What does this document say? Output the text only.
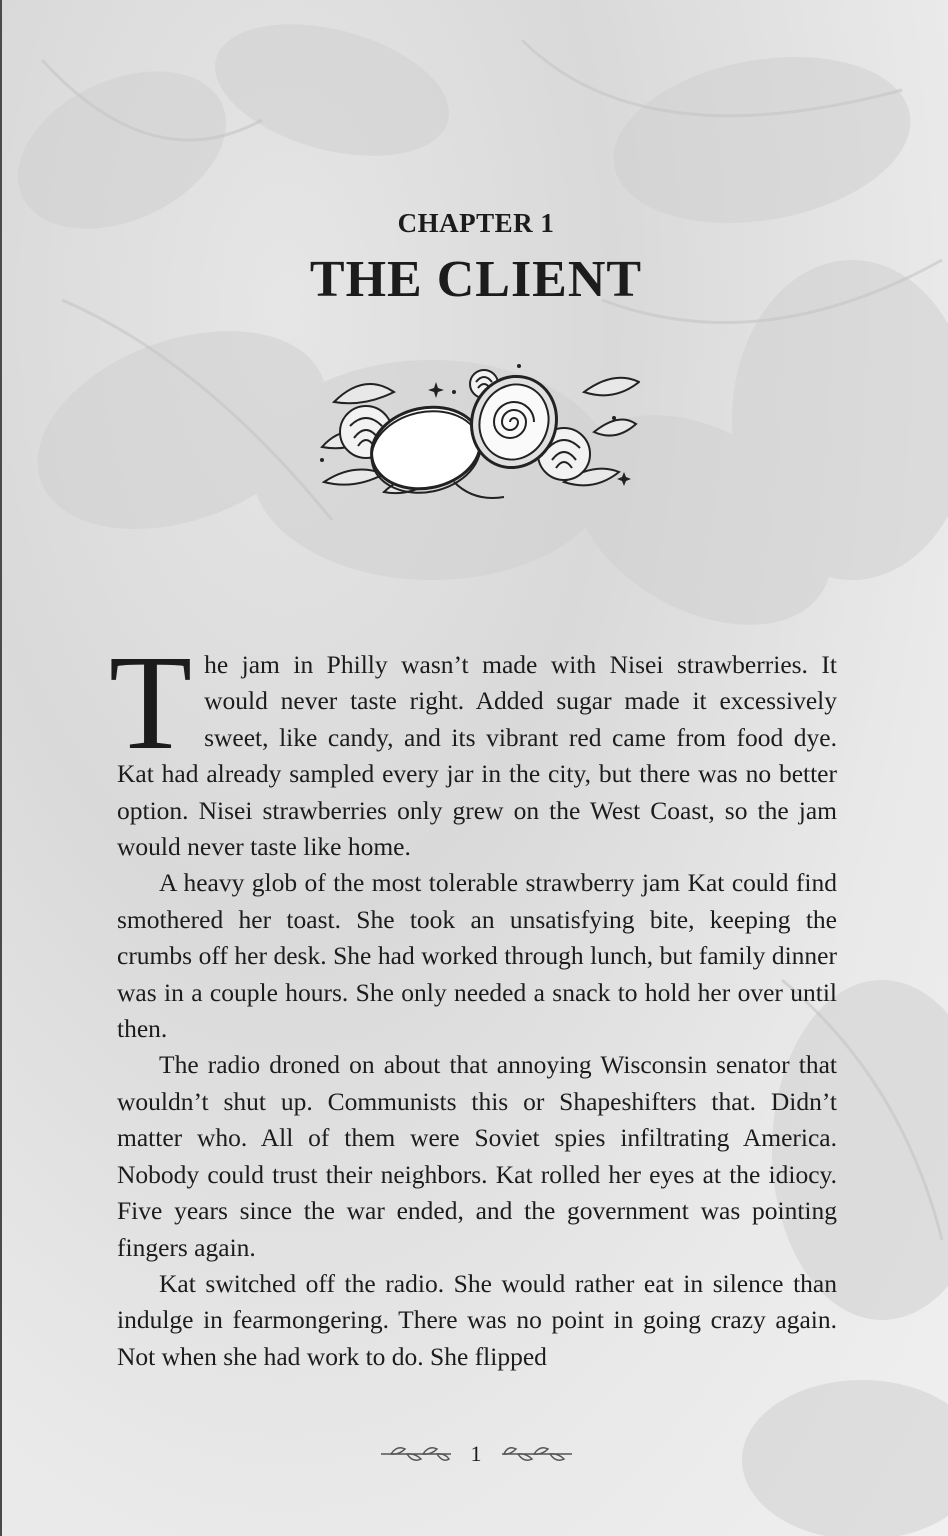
CHAPTER 1
THE CLIENT

The jam in Philly wasn’t made with Nisei strawberries. It would never taste right. Added sugar made it excessively sweet, like candy, and its vibrant red came from food dye. Kat had already sampled every jar in the city, but there was no better option. Nisei strawberries only grew on the West Coast, so the jam would never taste like home.

A heavy glob of the most tolerable strawberry jam Kat could find smothered her toast. She took an unsatisfying bite, keeping the crumbs off her desk. She had worked through lunch, but family dinner was in a couple hours. She only needed a snack to hold her over until then.

The radio droned on about that annoying Wisconsin senator that wouldn’t shut up. Communists this or Shapeshifters that. Didn’t matter who. All of them were Soviet spies infiltrating America. Nobody could trust their neighbors. Kat rolled her eyes at the idiocy. Five years since the war ended, and the government was pointing fingers again.

Kat switched off the radio. She would rather eat in silence than indulge in fearmongering. There was no point in going crazy again. Not when she had work to do. She flipped

1
